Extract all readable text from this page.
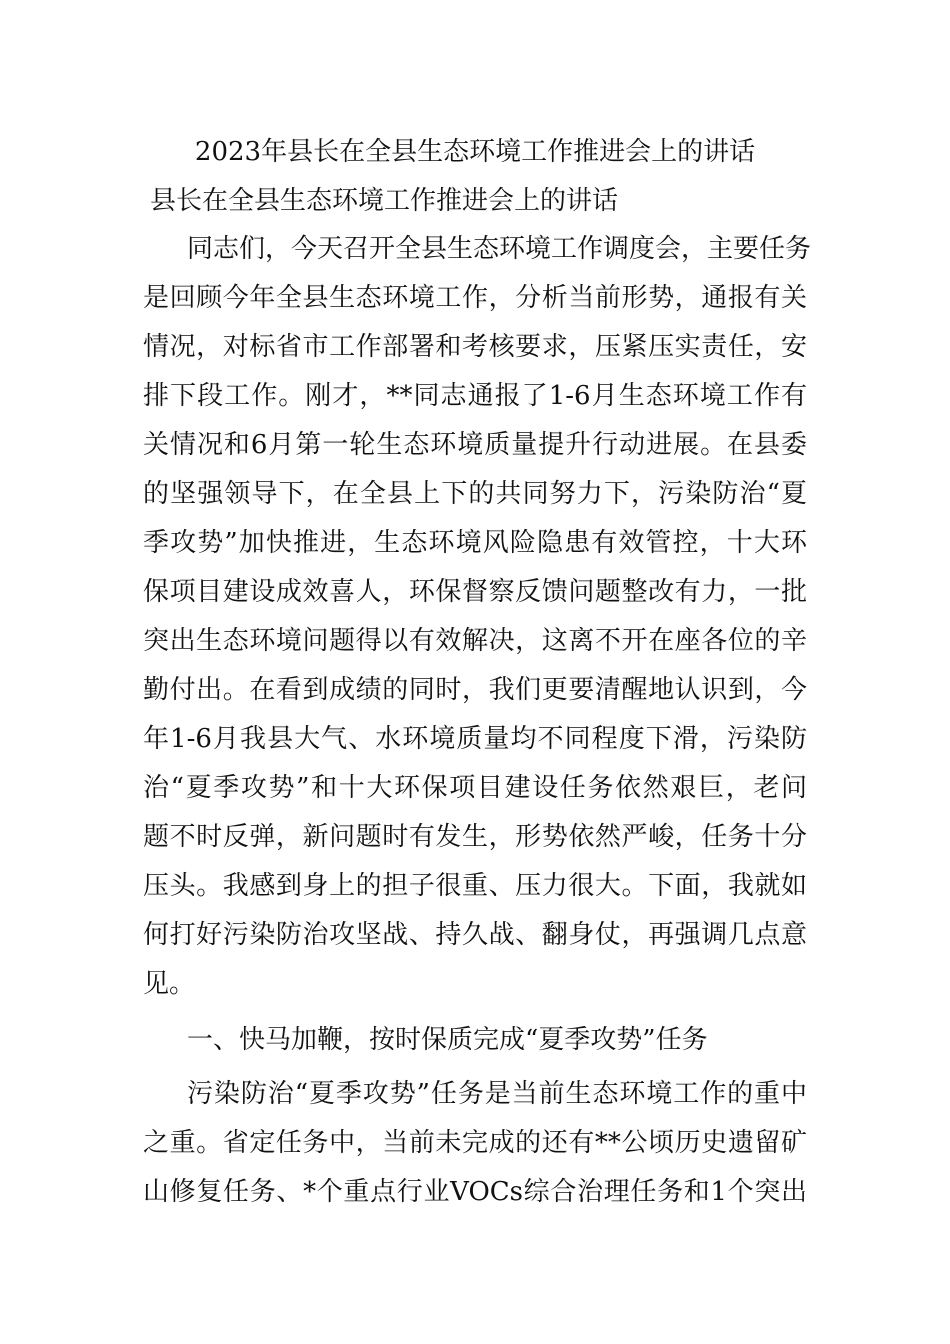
2023年县长在全县生态环境工作推进会上的讲话
县长在全县生态环境工作推进会上的讲话

同志们，今天召开全县生态环境工作调度会，主要任务

是回顾今年全县生态环境工作，分析当前形势，通报有关

情况，对标省市工作部署和考核要求，压紧压实责任，安

排下段工作。刚才，**同志通报了1-6月生态环境工作有

关情况和6月第一轮生态环境质量提升行动进展。在县委

的坚强领导下，在全县上下的共同努力下，污染防治“夏

季攻势”加快推进，生态环境风险隐患有效管控，十大环

保项目建设成效喜人，环保督察反馈问题整改有力，一批

突出生态环境问题得以有效解决，这离不开在座各位的辛

勤付出。在看到成绩的同时，我们更要清醒地认识到，今

年1-6月我县大气、水环境质量均不同程度下滑，污染防

治“夏季攻势”和十大环保项目建设任务依然艰巨，老问

题不时反弹，新问题时有发生，形势依然严峻，任务十分

压头。我感到身上的担子很重、压力很大。下面，我就如

何打好污染防治攻坚战、持久战、翻身仗，再强调几点意

见。

一、快马加鞭，按时保质完成“夏季攻势”任务

污染防治“夏季攻势”任务是当前生态环境工作的重中

之重。省定任务中，当前未完成的还有**公顷历史遗留矿

山修复任务、*个重点行业VOCs综合治理任务和1个突出
